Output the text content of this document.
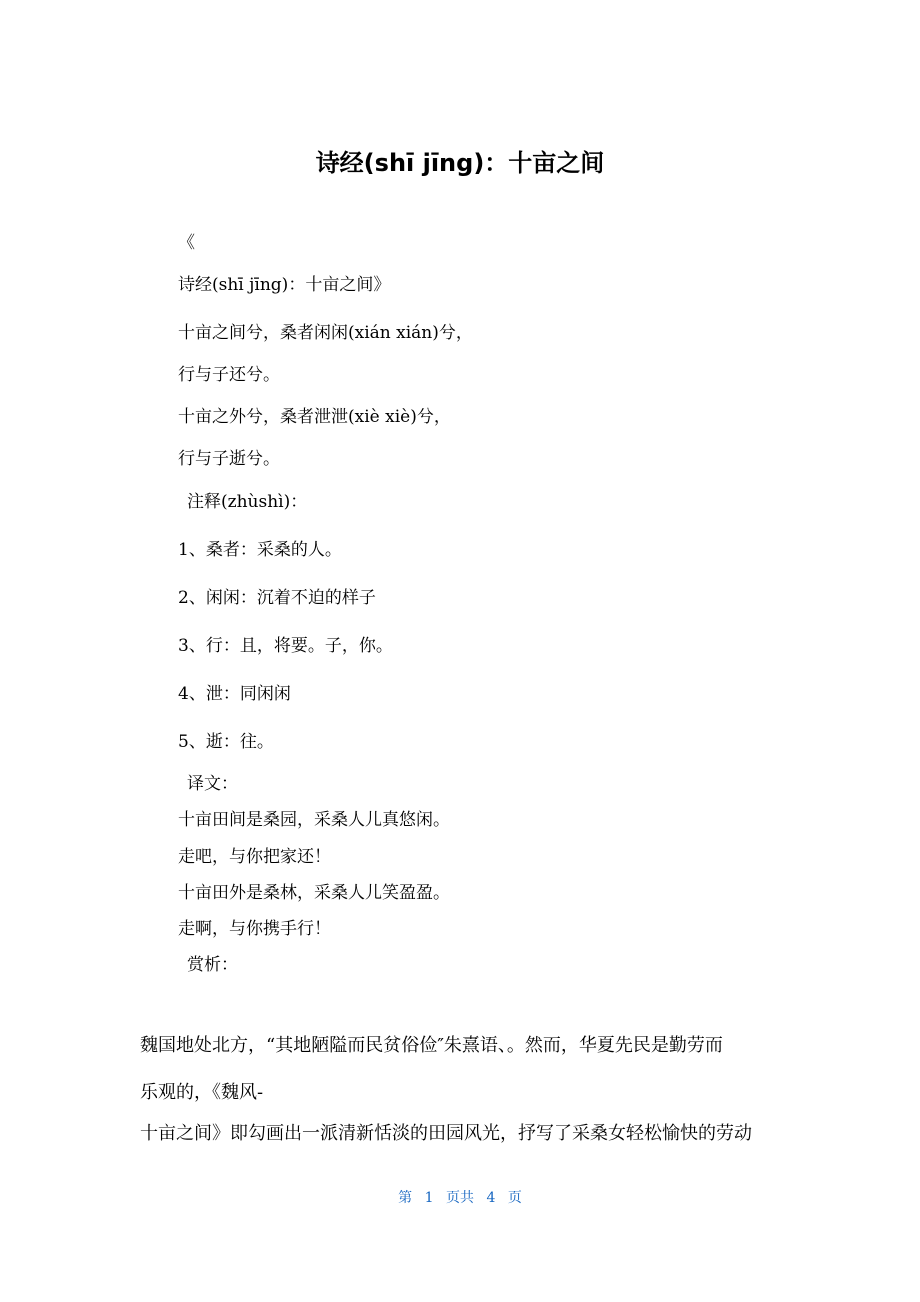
诗经(shī jīng)：十亩之间
《
诗经(shī jīng)：十亩之间》
十亩之间兮，桑者闲闲(xián xián)兮，
行与子还兮。
十亩之外兮，桑者泄泄(xiè xiè)兮，
行与子逝兮。
注释(zhùshì)：
1、桑者：采桑的人。
2、闲闲：沉着不迫的样子
3、行：且，将要。子，你。
4、泄：同闲闲
5、逝：往。
译文：
十亩田间是桑园，采桑人儿真悠闲。
走吧，与你把家还！
十亩田外是桑林，采桑人儿笑盈盈。
走啊，与你携手行！
赏析：
魏国地处北方，“其地陋隘而民贫俗俭″朱熹语、。然而，华夏先民是勤劳而
乐观的，《魏风-
十亩之间》即勾画出一派清新恬淡的田园风光，抒写了采桑女轻松愉快的劳动
第 1 页共 4 页
